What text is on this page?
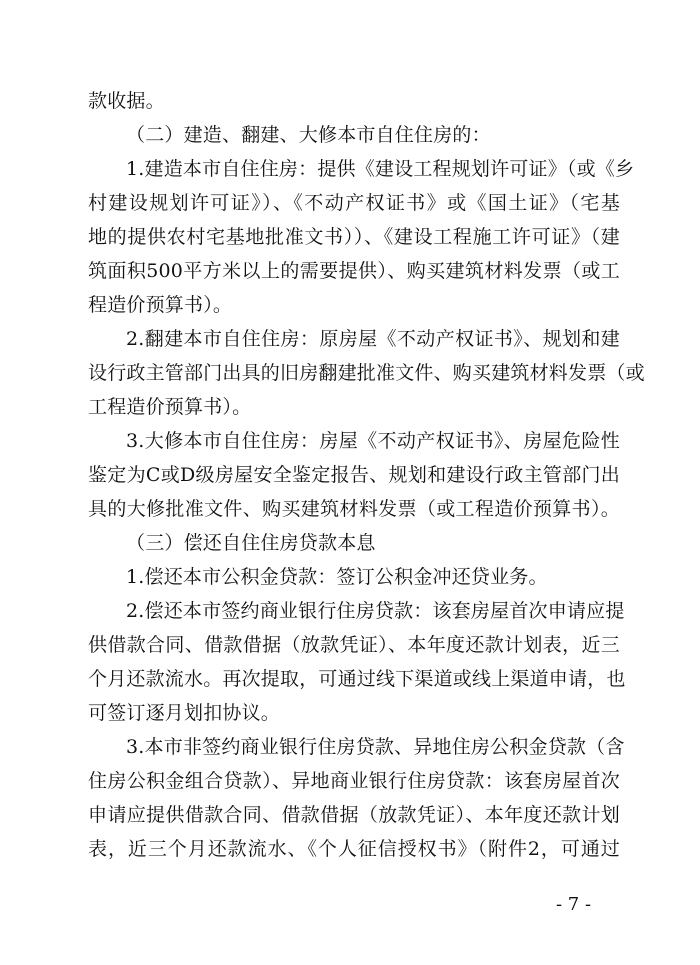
款收据。
（二）建造、翻建、大修本市自住住房的：
1.建造本市自住住房：提供《建设工程规划许可证》（或《乡
村建设规划许可证》）、《不动产权证书》或《国土证》（宅基
地的提供农村宅基地批准文书））、《建设工程施工许可证》（建
筑面积500平方米以上的需要提供）、购买建筑材料发票（或工
程造价预算书）。
2.翻建本市自住住房：原房屋《不动产权证书》、规划和建
设行政主管部门出具的旧房翻建批准文件、购买建筑材料发票（或
工程造价预算书）。
3.大修本市自住住房：房屋《不动产权证书》、房屋危险性
鉴定为C或D级房屋安全鉴定报告、规划和建设行政主管部门出
具的大修批准文件、购买建筑材料发票（或工程造价预算书）。
（三）偿还自住住房贷款本息
1.偿还本市公积金贷款：签订公积金冲还贷业务。
2.偿还本市签约商业银行住房贷款：该套房屋首次申请应提
供借款合同、借款借据（放款凭证）、本年度还款计划表，近三
个月还款流水。再次提取，可通过线下渠道或线上渠道申请，也
可签订逐月划扣协议。
3.本市非签约商业银行住房贷款、异地住房公积金贷款（含
住房公积金组合贷款）、异地商业银行住房贷款：该套房屋首次
申请应提供借款合同、借款借据（放款凭证）、本年度还款计划
表，近三个月还款流水、《个人征信授权书》（附件2，可通过
- 7 -
